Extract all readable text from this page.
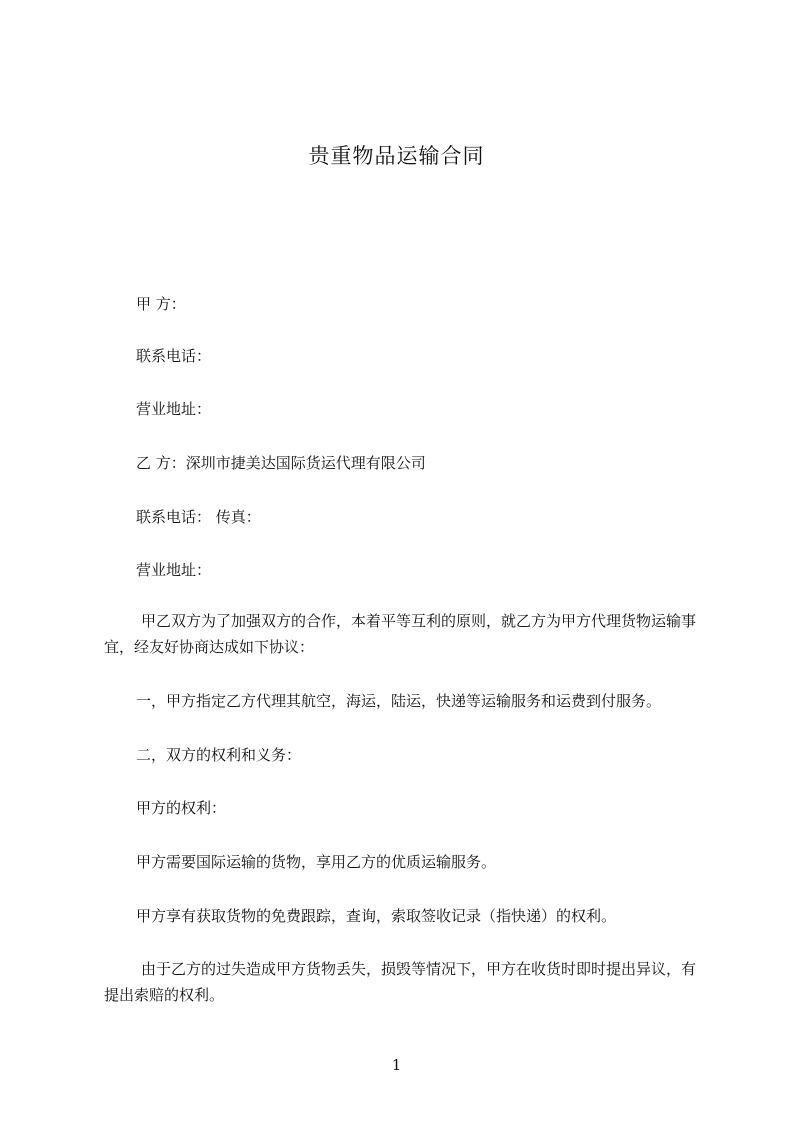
贵重物品运输合同
甲 方：
联系电话：
营业地址：
乙 方：深圳市捷美达国际货运代理有限公司
联系电话： 传真：
营业地址：
甲乙双方为了加强双方的合作，本着平等互利的原则，就乙方为甲方代理货物运输事宜，经友好协商达成如下协议：
一，甲方指定乙方代理其航空，海运，陆运，快递等运输服务和运费到付服务。
二，双方的权利和义务：
甲方的权利：
甲方需要国际运输的货物，享用乙方的优质运输服务。
甲方享有获取货物的免费跟踪，查询，索取签收记录（指快递）的权利。
由于乙方的过失造成甲方货物丢失，损毁等情况下，甲方在收货时即时提出异议，有提出索赔的权利。
1
